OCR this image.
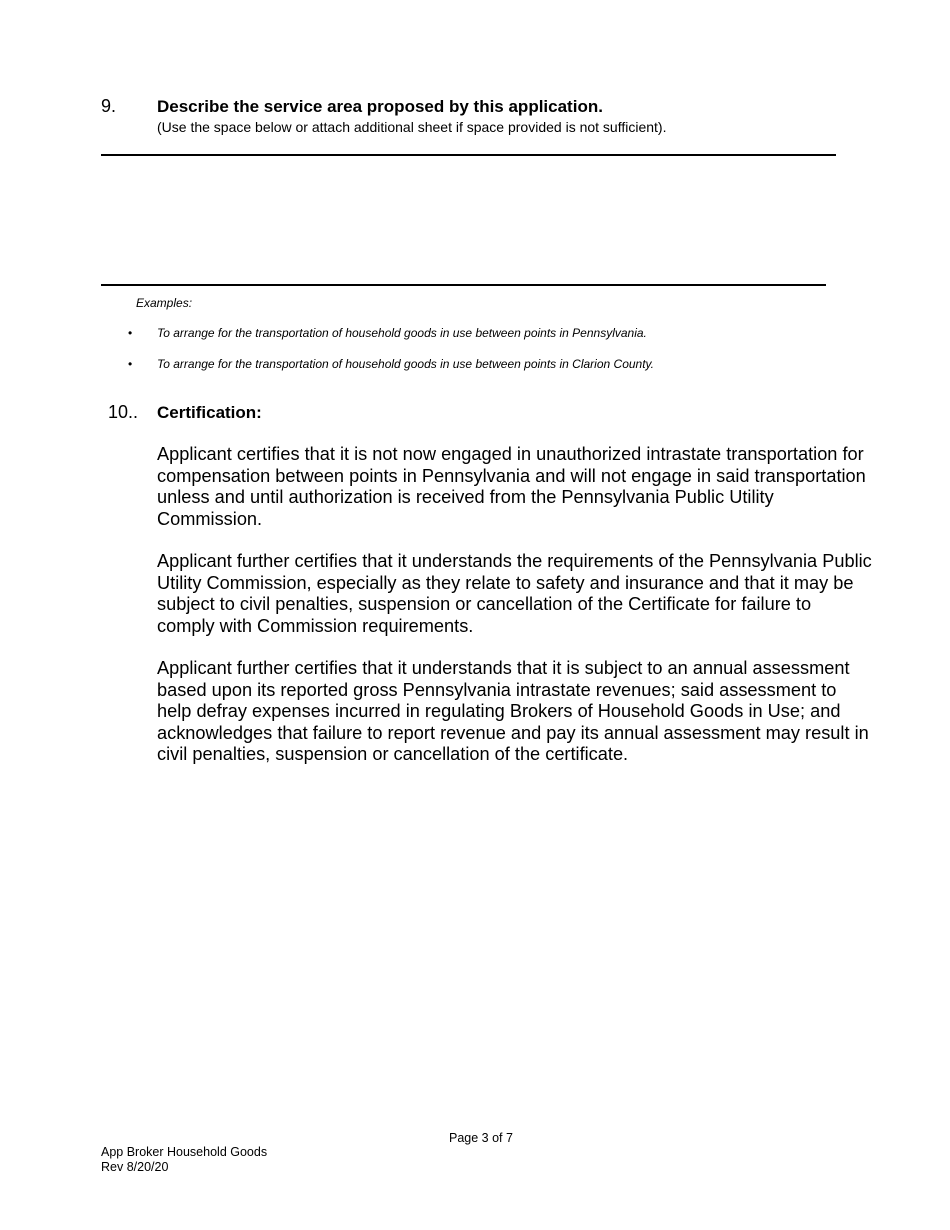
9. Describe the service area proposed by this application.
(Use the space below or attach additional sheet if space provided is not sufficient).
Examples:
• To arrange for the transportation of household goods in use between points in Pennsylvania.
• To arrange for the transportation of household goods in use between points in Clarion County.
10.. Certification:

Applicant certifies that it is not now engaged in unauthorized intrastate transportation for compensation between points in Pennsylvania and will not engage in said transportation unless and until authorization is received from the Pennsylvania Public Utility Commission.

Applicant further certifies that it understands the requirements of the Pennsylvania Public Utility Commission, especially as they relate to safety and insurance and that it may be subject to civil penalties, suspension or cancellation of the Certificate for failure to comply with Commission requirements.

Applicant further certifies that it understands that it is subject to an annual assessment based upon its reported gross Pennsylvania intrastate revenues; said assessment to help defray expenses incurred in regulating Brokers of Household Goods in Use; and acknowledges that failure to report revenue and pay its annual assessment may result in civil penalties, suspension or cancellation of the certificate.

Page 3 of 7
App Broker Household Goods
Rev 8/20/20
